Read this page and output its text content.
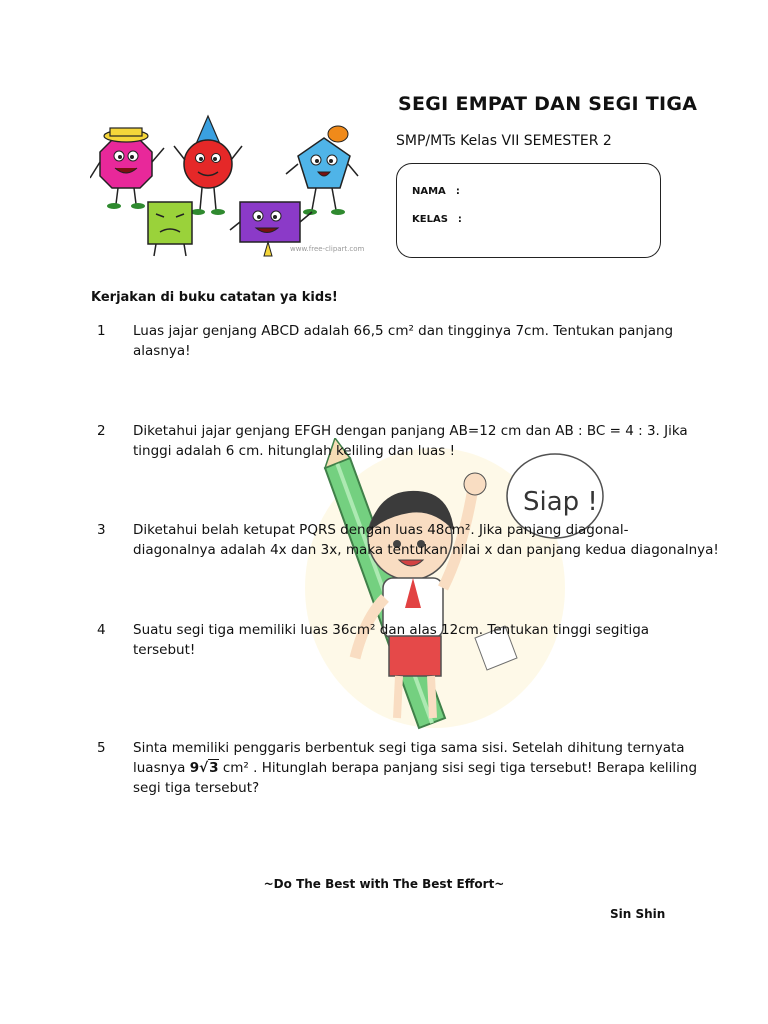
www.free-clipart.com
SEGI EMPAT DAN SEGI TIGA
SMP/MTs Kelas VII SEMESTER 2
NAMA :
KELAS :
Siap !
Kerjakan di buku catatan ya kids!
1	Luas jajar genjang ABCD adalah 66,5 cm² dan tingginya 7cm. Tentukan panjang

alasnya!

2	Diketahui jajar genjang EFGH dengan panjang AB=12 cm dan AB : BC = 4 : 3. Jika

tinggi adalah 6 cm. hitunglah keliling dan luas !

3	Diketahui belah ketupat PQRS dengan luas 48cm². Jika panjang diagonal-

diagonalnya adalah 4x dan 3x, maka tentukan nilai x dan panjang kedua diagonalnya!

4	Suatu segi tiga memiliki luas 36cm² dan alas 12cm. Tentukan tinggi segitiga

tersebut!

5	Sinta memiliki penggaris berbentuk segi tiga sama sisi. Setelah dihitung ternyata

luasnya 9√3 cm² . Hitunglah berapa panjang sisi segi tiga tersebut! Berapa keliling

segi tiga tersebut?

~Do The Best with The Best Effort~
Sin Shin
